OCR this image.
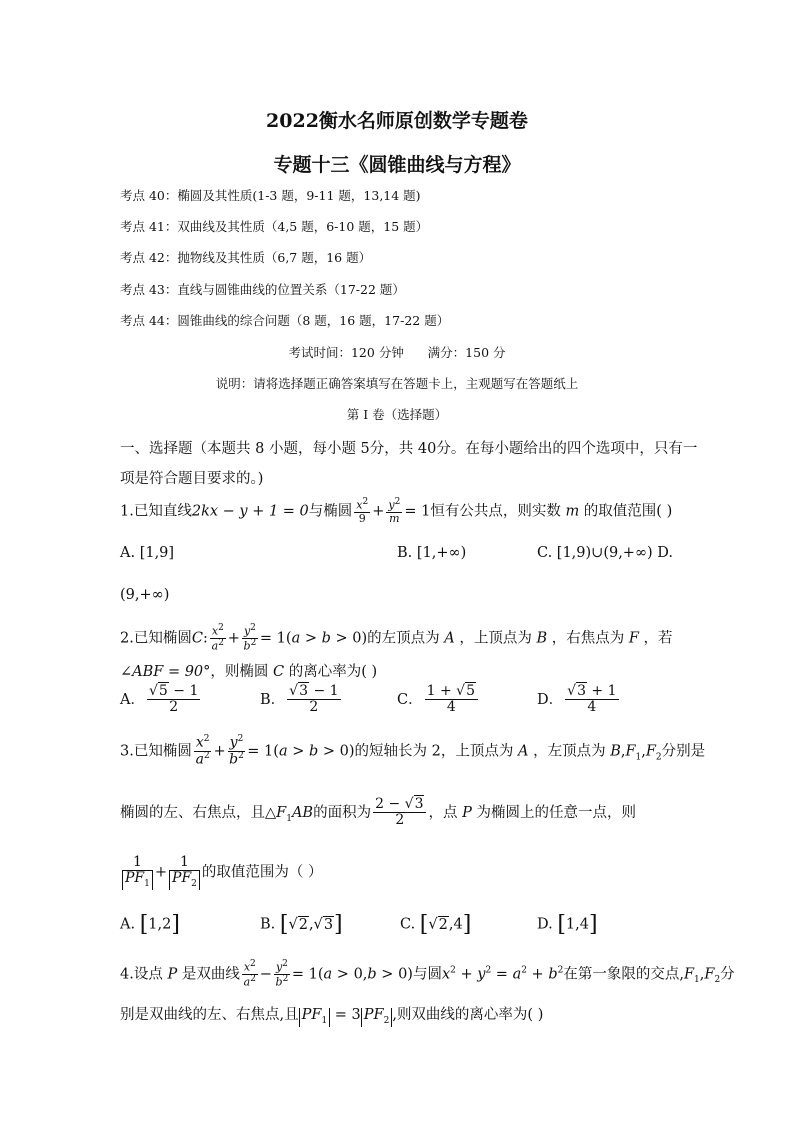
2022衡水名师原创数学专题卷
专题十三《圆锥曲线与方程》
考点 40：椭圆及其性质(1-3 题，9-11 题，13,14 题)
考点 41：双曲线及其性质（4,5 题，6-10 题，15 题）
考点 42：抛物线及其性质（6,7 题，16 题）
考点 43：直线与圆锥曲线的位置关系（17-22 题）
考点 44：圆锥曲线的综合问题（8 题，16 题，17-22 题）
考试时间：120 分钟      满分：150 分
说明：请将选择题正确答案填写在答题卡上，主观题写在答题纸上
第 I 卷（选择题）
一、选择题（本题共 8 小题，每小题 5分，共 40分。在每小题给出的四个选项中，只有一
项是符合题目要求的。)
1.已知直线2kx − y + 1 = 0与椭圆 $\frac{x^2}{9} + \frac{y^2}{m} = 1$恒有公共点，则实数 m 的取值范围( )
A. [1,9]	B. [1,+∞)	C. [1,9)∪(9,+∞) D.
(9,+∞)
2.已知椭圆C: $\frac{x^2}{a^2} + \frac{y^2}{b^2} = 1(a > b > 0)$的左顶点为 A ，上顶点为 B ，右焦点为 F ，若
∠ABF = 90°，则椭圆 C 的离心率为( )
A． $\frac{√5 - 1}{2}$	B． $\frac{√3 - 1}{2}$	C． $\frac{1 + √5}{4}$	D． $\frac{√3 + 1}{4}$
3.已知椭圆 $\frac{x^2}{a^2} + \frac{y^2}{b^2} = 1(a > b > 0)$的短轴长为 2，上顶点为 A ，左顶点为 $B,F_1,F_2$分别是
椭圆的左、右焦点，且$\triangle F_1AB$的面积为 $\frac{2 - √3}{2}$ ，点 P 为椭圆上的任意一点，则
$\frac{1}{PF_1} + \frac{1}{PF_2}$ 的取值范围为（ ）
A. [1,2]	B. [√2,√3]	C. [√2,4]	D. [1,4]
4.设点 P 是双曲线 $\frac{x^2}{a^2} - \frac{y^2}{b^2} = 1(a > 0,b > 0)$与圆$x^2 + y^2 = a^2 + b^2$在第一象限的交点$,F_1,F_2$分
别是双曲线的左、右焦点,且 $PF_1 = 3$ $PF_2$ ,则双曲线的离心率为( )
